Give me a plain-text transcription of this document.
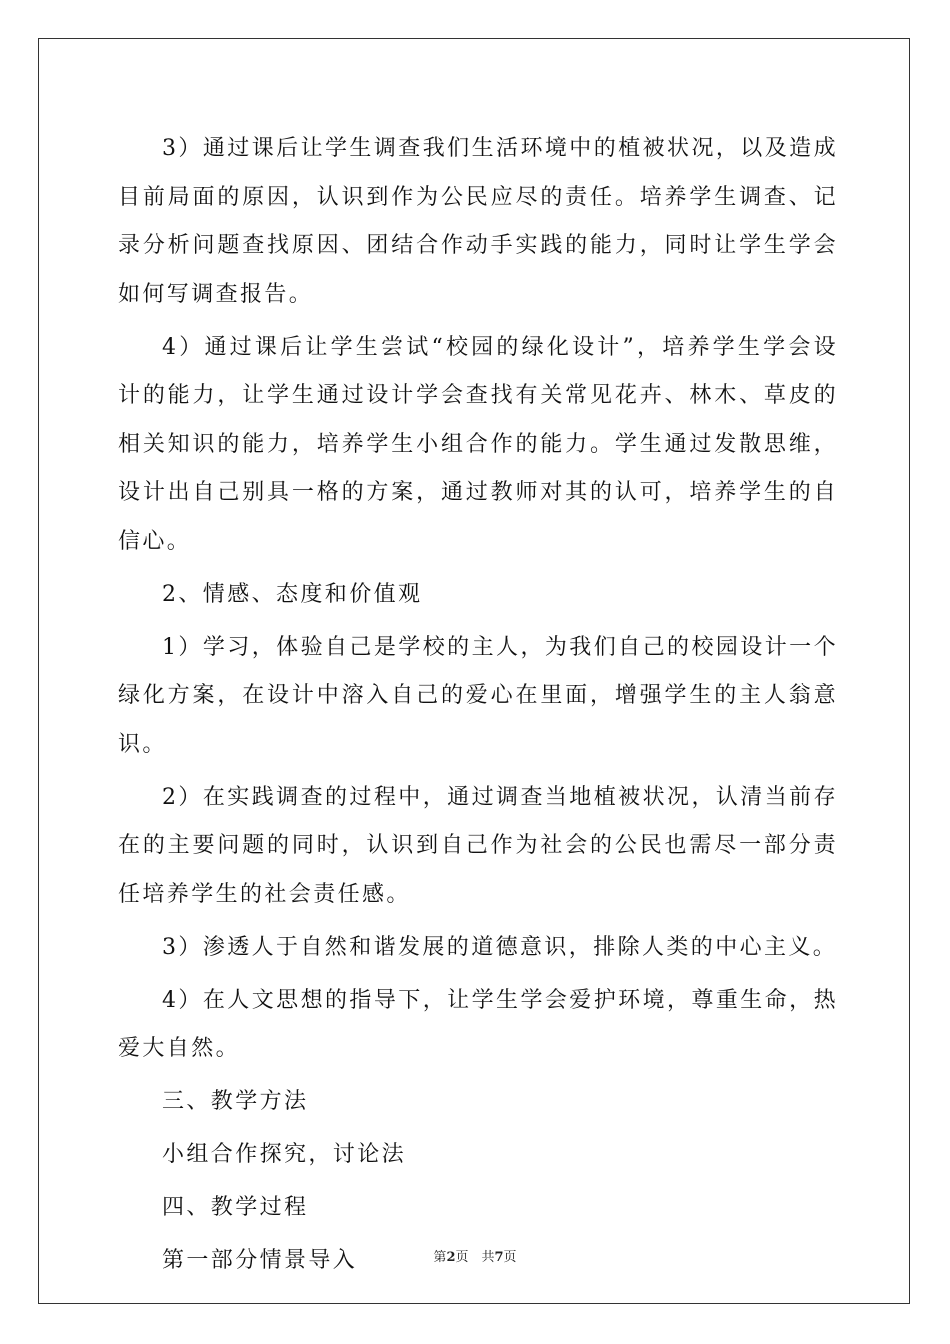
3）通过课后让学生调查我们生活环境中的植被状况，以及造成目前局面的原因，认识到作为公民应尽的责任。培养学生调查、记录分析问题查找原因、团结合作动手实践的能力，同时让学生学会如何写调查报告。

4）通过课后让学生尝试“校园的绿化设计”，培养学生学会设计的能力，让学生通过设计学会查找有关常见花卉、林木、草皮的相关知识的能力，培养学生小组合作的能力。学生通过发散思维，设计出自己别具一格的方案，通过教师对其的认可，培养学生的自信心。

2、情感、态度和价值观

1）学习，体验自己是学校的主人，为我们自己的校园设计一个绿化方案，在设计中溶入自己的爱心在里面，增强学生的主人翁意识。

2）在实践调查的过程中，通过调查当地植被状况，认清当前存在的主要问题的同时，认识到自己作为社会的公民也需尽一部分责任培养学生的社会责任感。

3）渗透人于自然和谐发展的道德意识，排除人类的中心主义。

4）在人文思想的指导下，让学生学会爱护环境，尊重生命，热爱大自然。

三、教学方法

小组合作探究，讨论法

四、教学过程

第一部分情景导入	第2页　共7页
